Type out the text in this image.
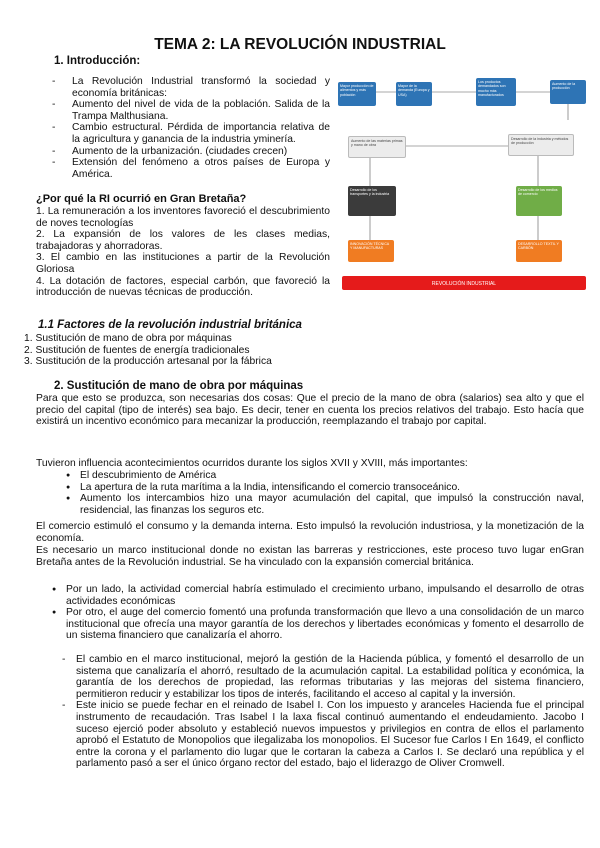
TEMA 2: LA REVOLUCIÓN INDUSTRIAL
1. Introducción:
- La Revolución Industrial transformó la sociedad y economía británicas:
- Aumento del nivel de vida de la población. Salida de la Trampa Malthusiana.
- Cambio estructural. Pérdida de importancia relativa de la agricultura y ganancia de la industria yminería.
- Aumento de la urbanización. (ciudades crecen)
- Extensión del fenómeno a otros países de Europa y América.
¿Por qué la RI ocurrió en Gran Bretaña?
1. La remuneración a los inventores favoreció el descubrimiento de noves tecnologías
2. La expansión de los valores de les clases medias, trabajadoras y ahorradoras.
3. El cambio en las instituciones a partir de la Revolución Gloriosa
4. La dotación de factores, especial carbón, que favoreció la introducción de nuevas técnicas de producción.
Mayor producción de alimentos y más población
Mayor de la demanda (Europa y USA)
Los productos demandados son mucho más manufacturados
Aumento de la producción
Aumento de las materias primas y mano de obra
Desarrollo de la industria y métodos de producción
Desarrollo de los transportes y la industria
Desarrollo de los medios de comercio
INNOVACIÓN TÉCNICA Y MANUFACTURAS
DESARROLLO TEXTIL Y CARBÓN
REVOLUCIÓN INDUSTRIAL
1.1 Factores de la revolución industrial británica
1. Sustitución de mano de obra por máquinas
2. Sustitución de fuentes de energía tradicionales
3. Sustitución de la producción artesanal por la fábrica
2. Sustitución de mano de obra por máquinas
Para que esto se produzca, son necesarias dos cosas: Que el precio de la mano de obra (salarios) sea alto y que el precio del capital (tipo de interés) sea bajo. Es decir, tener en cuenta los precios relativos del trabajo. Esto hacía que existirá un incentivo económico para mecanizar la producción, reemplazando el trabajo por capital.
Tuvieron influencia acontecimientos ocurridos durante los siglos XVII y XVIII, más importantes:
● El descubrimiento de América
● La apertura de la ruta marítima a la India, intensificando el comercio transoceánico.
● Aumento los intercambios hizo una mayor acumulación del capital, que impulsó la construcción naval, residencial, las finanzas los seguros etc.
El comercio estimuló el consumo y la demanda interna. Esto impulsó la revolución industriosa, y la monetización de la economía.
Es necesario un marco institucional donde no existan las barreras y restricciones, este proceso tuvo lugar enGran Bretaña antes de la Revolución industrial. Se ha vinculado con la expansión comercial británica.
● Por un lado, la actividad comercial habría estimulado el crecimiento urbano, impulsando el desarrollo de otras actividades económicas
● Por otro, el auge del comercio fomentó una profunda transformación que llevo a una consolidación de un marco institucional que ofrecía una mayor garantía de los derechos y libertades económicas y fomento el desarrollo de un sistema financiero que canalizaría el ahorro.
- El cambio en el marco institucional, mejoró la gestión de la Hacienda pública, y fomentó el desarrollo de un sistema que canalizaría el ahorró, resultado de la acumulación capital. La estabilidad política y económica, la garantía de los derechos de propiedad, las reformas tributarias y las mejoras del sistema financiero, permitieron reducir y estabilizar los tipos de interés, facilitando el acceso al capital y la inversión.
- Este inicio se puede fechar en el reinado de Isabel I. Con los impuesto y aranceles Hacienda fue el principal instrumento de recaudación. Tras Isabel I la laxa fiscal continuó aumentando el endeudamiento. Jacobo I suceso ejerció poder absoluto y estableció nuevos impuestos y privilegios en contra de ellos el parlamento aprobó el Estatuto de Monopolios que ilegalizaba los monopolios. El Sucesor fue Carlos I En 1649, el conflicto entre la corona y el parlamento dio lugar que le cortaran la cabeza a Carlos I. Se declaró una república y el parlamento pasó a ser el único órgano rector del estado, bajo el liderazgo de Oliver Cromwell.
